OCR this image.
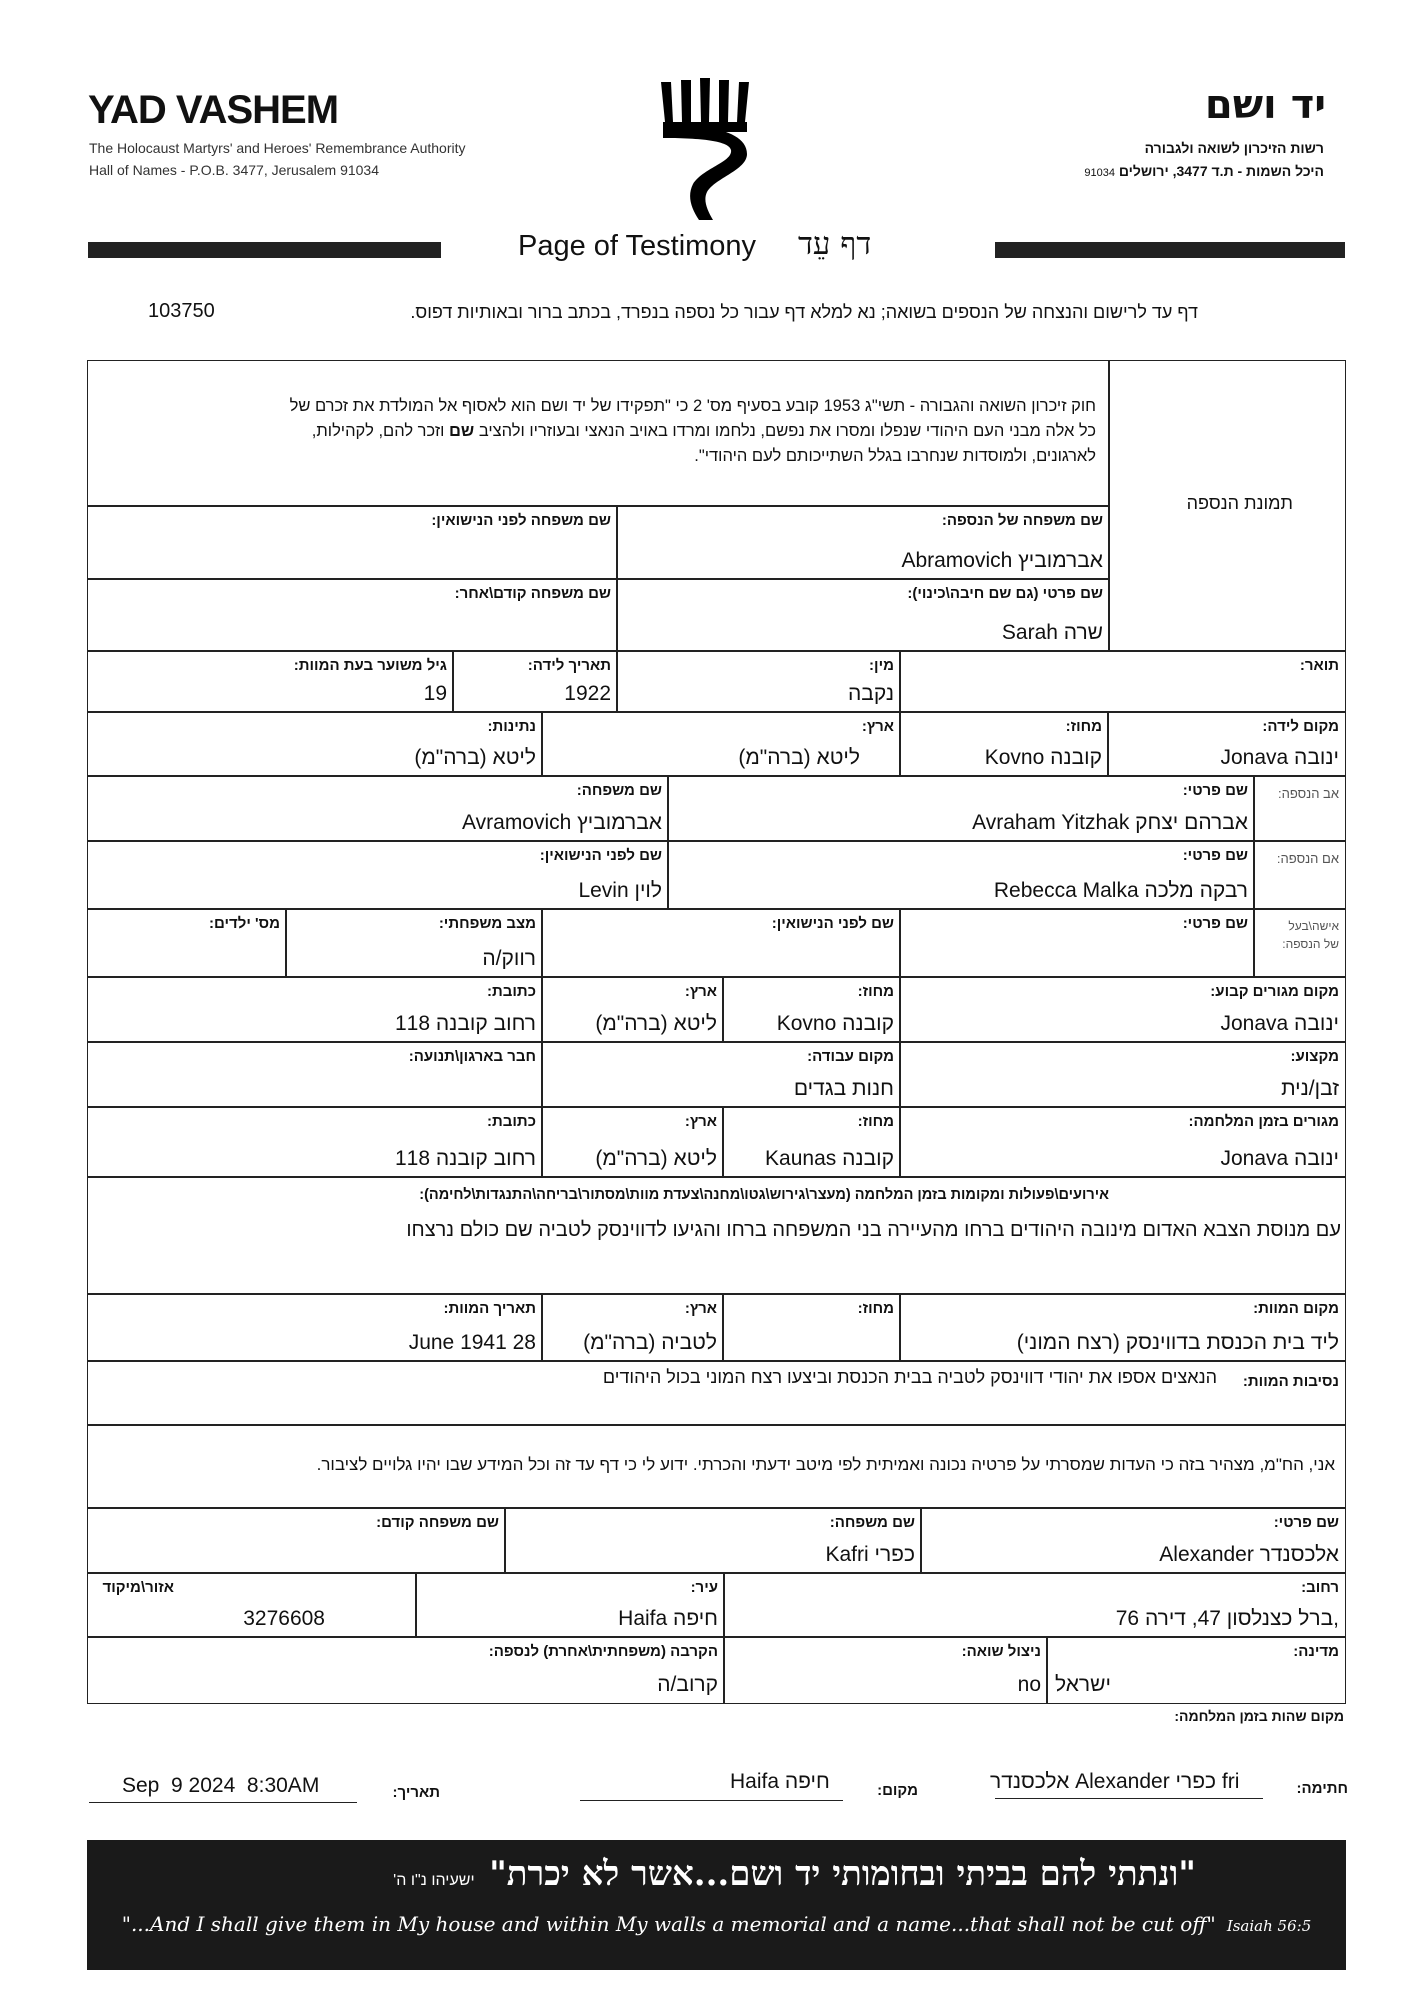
YAD VASHEM
The Holocaust Martyrs' and Heroes' Remembrance Authority
Hall of Names - P.O.B. 3477, Jerusalem 91034
יד ושם
רשות הזיכרון לשואה ולגבורה
היכל השמות - ת.ד 3477, ירושלים 91034
Page of Testimony דף עֵד
דף עד לרישום והנצחה של הנספים בשואה; נא למלא דף עבור כל נספה בנפרד, בכתב ברור ובאותיות דפוס.
103750
תמונת הנספה
חוק זיכרון השואה והגבורה - תשי"ג 1953 קובע בסעיף מס' 2 כי "תפקידו של יד ושם הוא לאסוף אל המולדת את זכרם של
כל אלה מבני העם היהודי שנפלו ומסרו את נפשם, נלחמו ומרדו באויב הנאצי ובעוזריו ולהציב שם וזכר להם, לקהילות,
לארגונים, ולמוסדות שנחרבו בגלל השתייכותם לעם היהודי".
שם משפחה של הנספה:
Abramovich אברמוביץ
שם משפחה לפני הנישואין:
שם פרטי (גם שם חיבה\כינוי):
Sarah שרה
שם משפחה קודם\אחר:
תואר:
מין:
נקבה
תאריך לידה:
1922
גיל משוער בעת המוות:
19
מקום לידה:
Jonava ינובה
מחוז:
Kovno קובנה
ארץ:
ליטא (ברה"מ)
נתינות:
ליטא (ברה"מ)
אב הנספה:
שם פרטי:
Avraham Yitzhak אברהם יצחק
שם משפחה:
Avramovich אברמוביץ
אם הנספה:
שם פרטי:
Rebecca Malka רבקה מלכה
שם לפני הנישואין:
Levin לוין
אישה\בעל
של הנספה:
שם פרטי:
שם לפני הנישואין:
מצב משפחתי:
רווק/ה
מס' ילדים:
מקום מגורים קבוע:
Jonava ינובה
מחוז:
Kovno קובנה
ארץ:
ליטא (ברה"מ)
כתובת:
רחוב קובנה 118
מקצוע:
זבן/נית
מקום עבודה:
חנות בגדים
חבר בארגון\תנועה:
מגורים בזמן המלחמה:
Jonava ינובה
מחוז:
Kaunas קובנה
ארץ:
ליטא (ברה"מ)
כתובת:
רחוב קובנה 118
אירועים\פעולות ומקומות בזמן המלחמה (מעצר\גירוש\גטו\מחנה\צעדת מוות\מסתור\בריחה\התנגדות\לחימה):
עם מנוסת הצבא האדום מינובה היהודים ברחו מהעיירה בני המשפחה ברחו והגיעו לדווינסק לטביה שם כולם נרצחו
מקום המוות:
ליד בית הכנסת בדווינסק (רצח המוני)
מחוז:
ארץ:
לטביה (ברה"מ)
תאריך המוות:
June 1941 28
נסיבות המוות:
הנאצים אספו את יהודי דווינסק לטביה בבית הכנסת וביצעו רצח המוני בכול היהודים
אני, הח"מ, מצהיר בזה כי העדות שמסרתי על פרטיה נכונה ואמיתית לפי מיטב ידעתי והכרתי. ידוע לי כי דף עד זה וכל המידע שבו יהיו גלויים לציבור.
שם פרטי:
Alexander אלכסנדר
שם משפחה:
Kafri כפרי
שם משפחה קודם:
רחוב:
ברל כצנלסון 47, דירה 76,
עיר:
Haifa חיפה
אזור\מיקוד
3276608
מדינה:
ישראל
ניצול שואה:
no
הקרבה (משפחתית\אחרת) לנספה:
קרוב/ה
מקום שהות בזמן המלחמה:
חתימה:
אלכסנדר Alexander כפרי fri
מקום:
Haifa חיפה
תאריך:
Sep  9 2024  8:30AM
"ונתתי להם בביתי ובחומותי יד ושם...אשר לא יכרת" ישעיהו נ"ו ה'
"...And I shall give them in My house and within My walls a memorial and a name...that shall not be cut off" Isaiah 56:5
